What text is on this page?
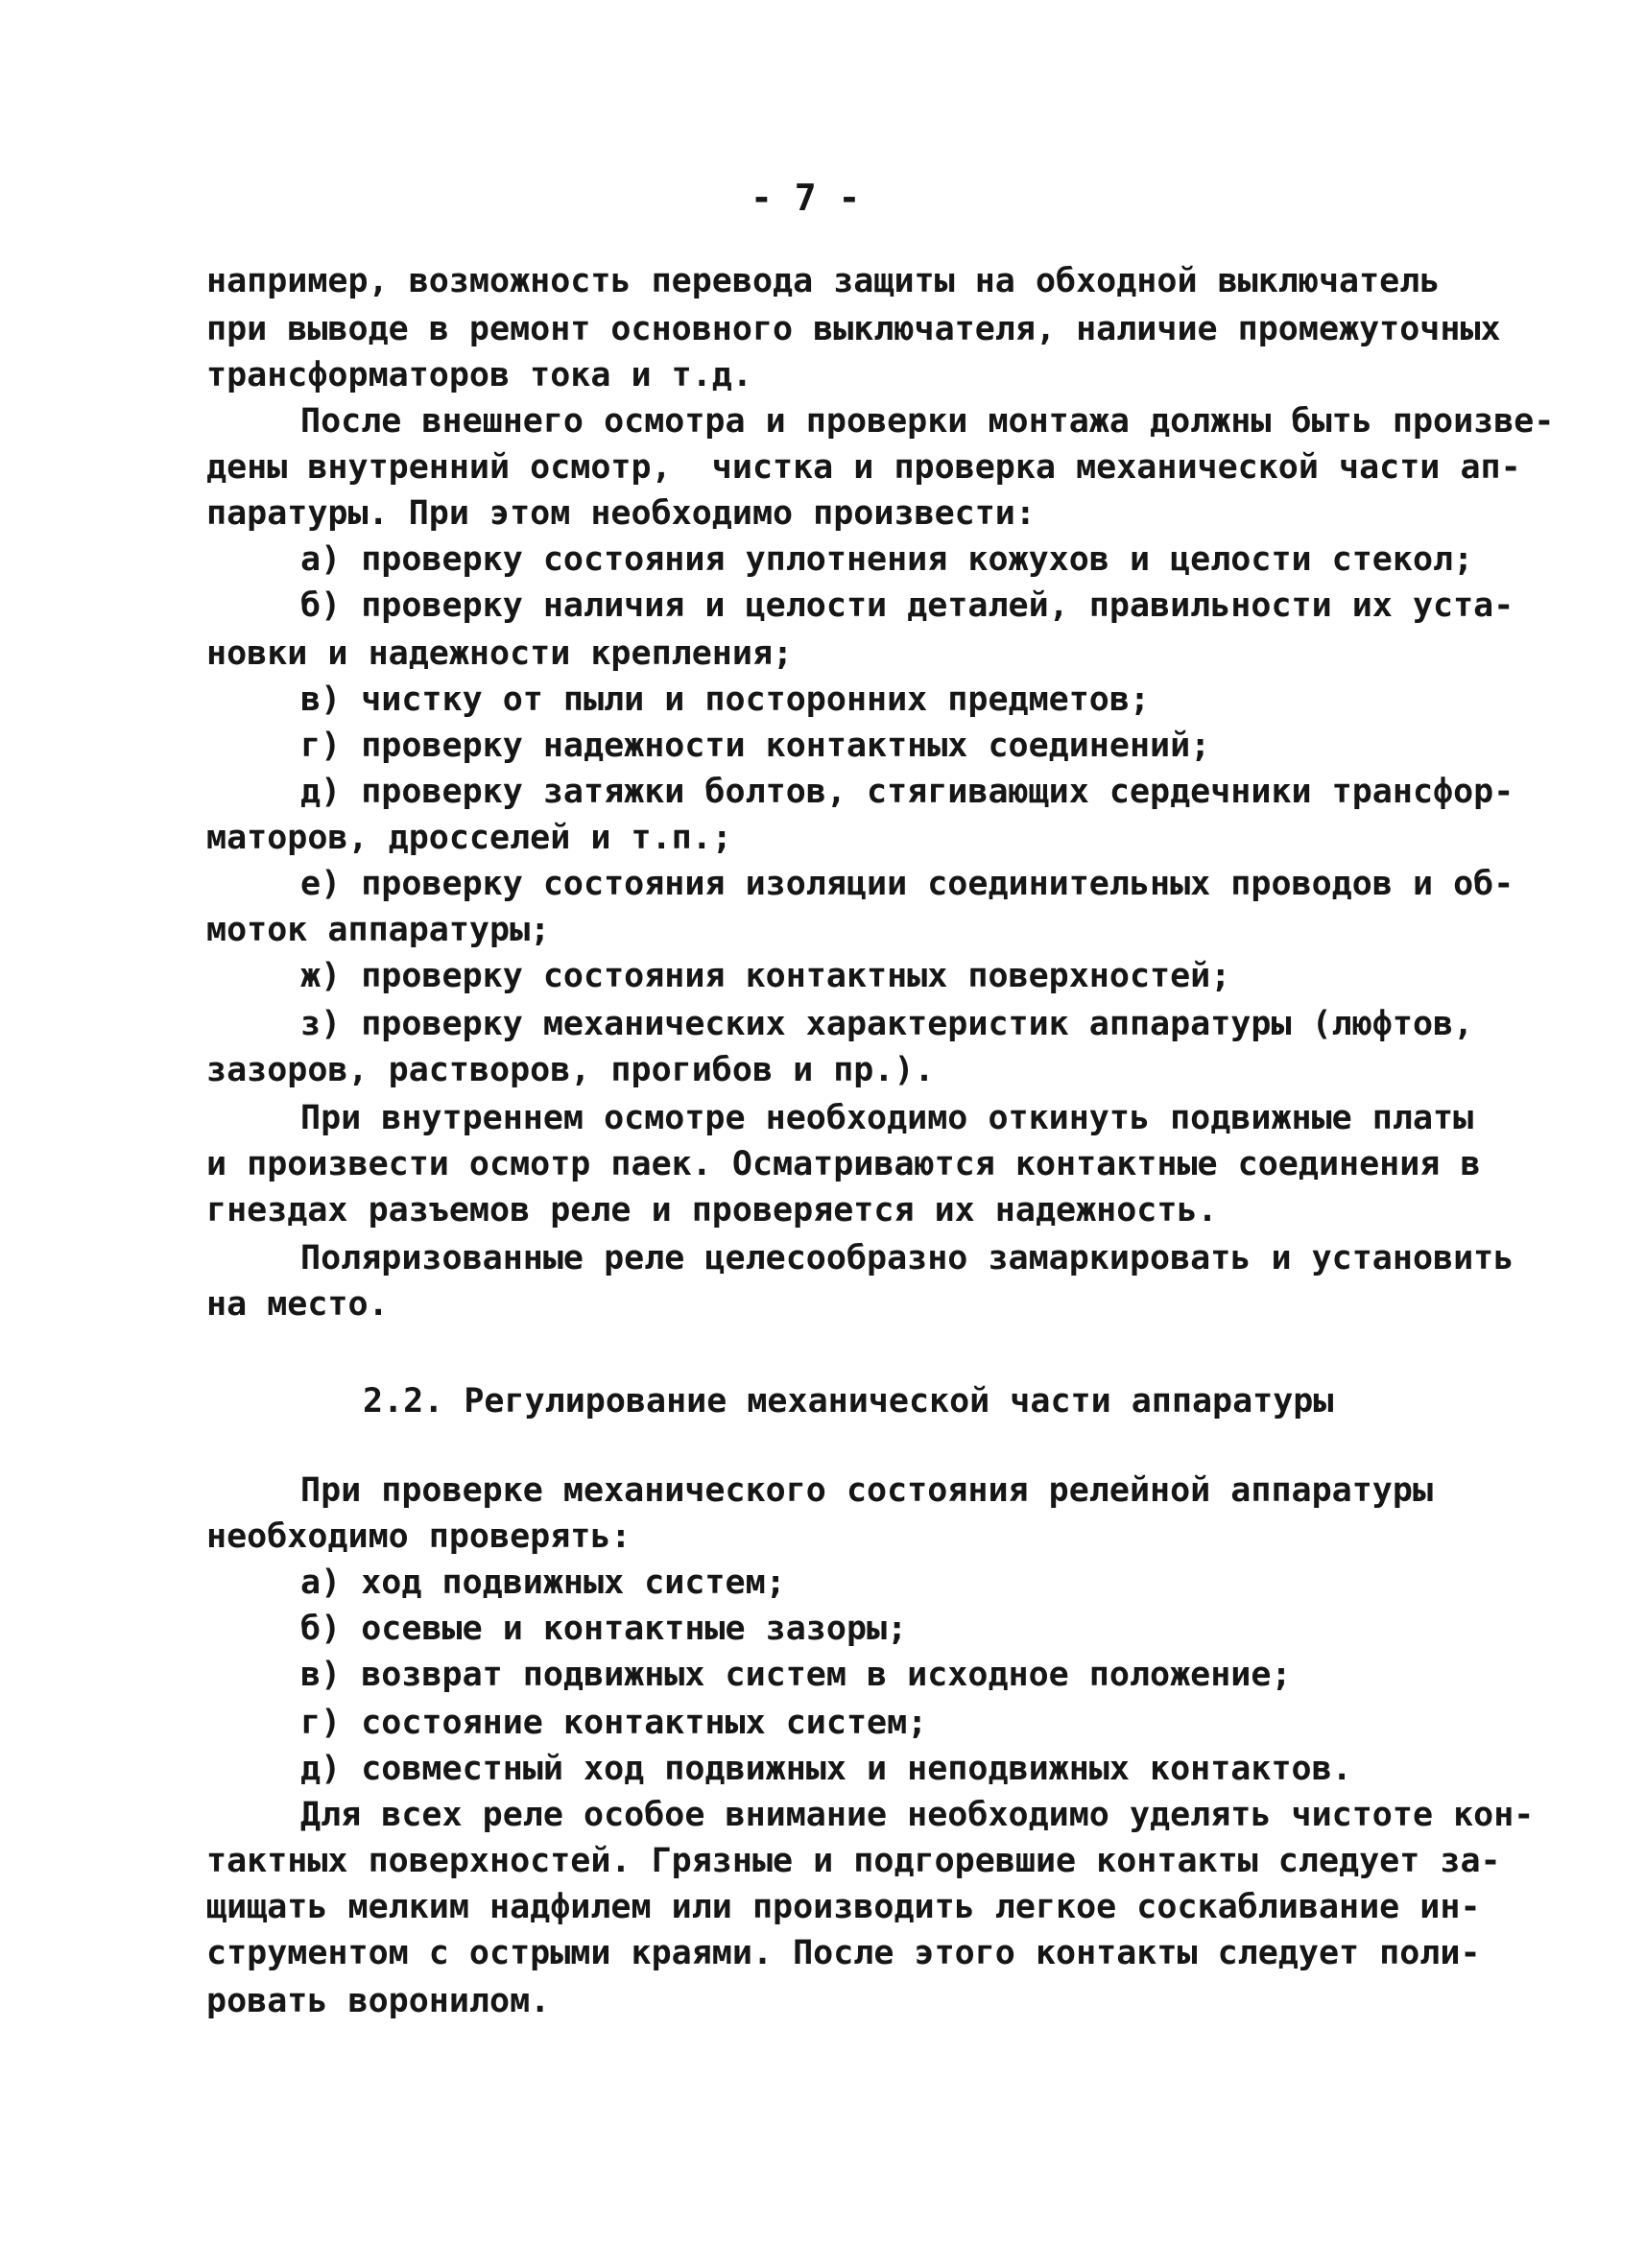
- 7 -
например, возможность перевода защиты на обходной выключатель
при выводе в ремонт основного выключателя, наличие промежуточных
трансформаторов тока и т.д.
После внешнего осмотра и проверки монтажа должны быть произве-
дены внутренний осмотр,  чистка и проверка механической части ап-
паратуры. При этом необходимо произвести:
а) проверку состояния уплотнения кожухов и целости стекол;
б) проверку наличия и целости деталей, правильности их уста-
новки и надежности крепления;
в) чистку от пыли и посторонних предметов;
г) проверку надежности контактных соединений;
д) проверку затяжки болтов, стягивающих сердечники трансфор-
маторов, дросселей и т.п.;
е) проверку состояния изоляции соединительных проводов и об-
моток аппаратуры;
ж) проверку состояния контактных поверхностей;
з) проверку механических характеристик аппаратуры (люфтов,
зазоров, растворов, прогибов и пр.).
При внутреннем осмотре необходимо откинуть подвижные платы
и произвести осмотр паек. Осматриваются контактные соединения в
гнездах разъемов реле и проверяется их надежность.
Поляризованные реле целесообразно замаркировать и установить
на место.
2.2. Регулирование механической части аппаратуры
При проверке механического состояния релейной аппаратуры
необходимо проверять:
а) ход подвижных систем;
б) осевые и контактные зазоры;
в) возврат подвижных систем в исходное положение;
г) состояние контактных систем;
д) совместный ход подвижных и неподвижных контактов.
Для всех реле особое внимание необходимо уделять чистоте кон-
тактных поверхностей. Грязные и подгоревшие контакты следует за-
щищать мелким надфилем или производить легкое соскабливание ин-
струментом с острыми краями. После этого контакты следует поли-
ровать воронилом.
